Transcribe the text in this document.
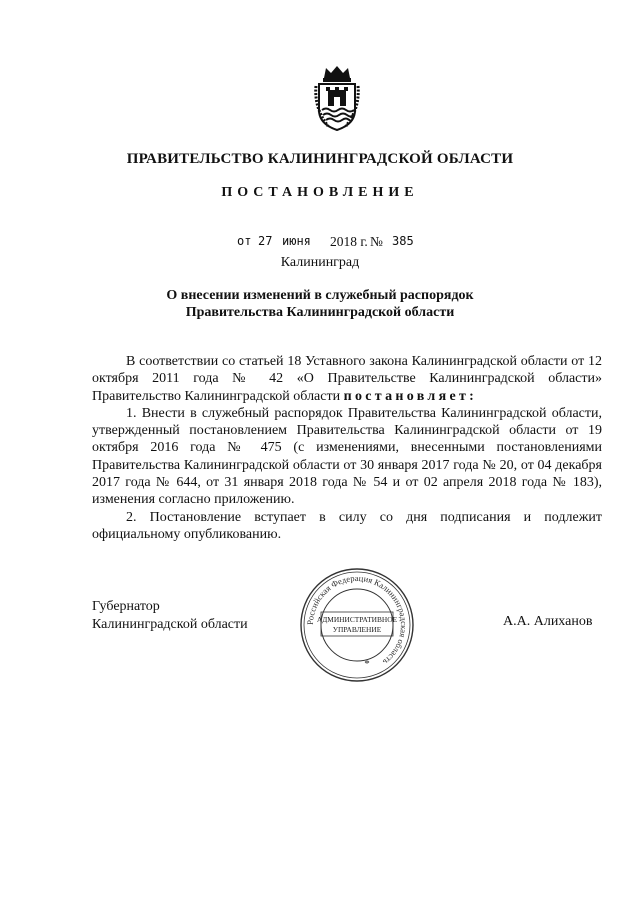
ПРАВИТЕЛЬСТВО КАЛИНИНГРАДСКОЙ ОБЛАСТИ
ПОСТАНОВЛЕНИЕ
от 27 июня 2018 г. № 385
Калининград
О внесении изменений в служебный распорядок
Правительства Калининградской области

В соответствии со статьей 18 Уставного закона Калининградской области от 12 октября 2011 года № 42 «О Правительстве Калининградской области» Правительство Калининградской области постановляет:

1. Внести в служебный распорядок Правительства Калининградской области, утвержденный постановлением Правительства Калининградской области от 19 октября 2016 года № 475 (с изменениями, внесенными постановлениями Правительства Калининградской области от 30 января 2017 года № 20, от 04 декабря 2017 года № 644, от 31 января 2018 года № 54 и от 02 апреля 2018 года № 183), изменения согласно приложению.

2. Постановление вступает в силу со дня подписания и подлежит официальному опубликованию.

Губернатор
Калининградской области	Российская Федерация Калининградская область
АДМИНИСТРАТИВНОЕ
УПРАВЛЕНИЕ
*
А.А. Алиханов
